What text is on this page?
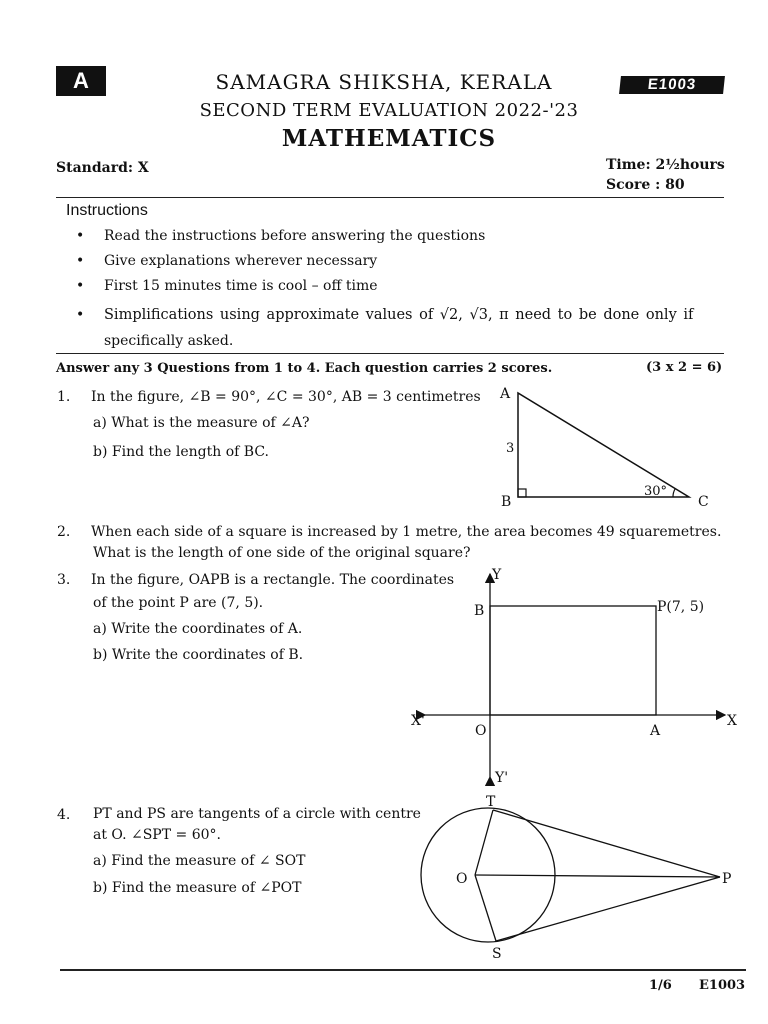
A	E1003
SAMAGRA SHIKSHA, KERALA
SECOND TERM EVALUATION 2022-'23
MATHEMATICS
Standard: X	Time: 2½hours
Score : 80
Instructions
• Read the instructions before answering the questions
• Give explanations wherever necessary
• First 15 minutes time is cool – off time
• Simplifications using approximate values of √2, √3, π need to be done only if
specifically asked.
Answer any 3 Questions from 1 to 4. Each question carries 2 scores.	(3 x 2 = 6)
1. In the figure, ∠B = 90°, ∠C = 30°, AB = 3 centimetres
a) What is the measure of ∠A?
b) Find the length of BC.
A
B	C
3
30°
2. When each side of a square is increased by 1 metre, the area becomes 49 squaremetres.
What is the length of one side of the original square?
3. In the figure, OAPB is a rectangle. The coordinates
of the point P are (7, 5).
a) Write the coordinates of A.
b) Write the coordinates of B.
Y
Y'
X
X'
O	A
B	P(7, 5)
4. PT and PS are tangents of a circle with centre
at O. ∠SPT = 60°.
a) Find the measure of ∠ SOT
b) Find the measure of ∠POT
T
O	P
S
1/6 E1003
